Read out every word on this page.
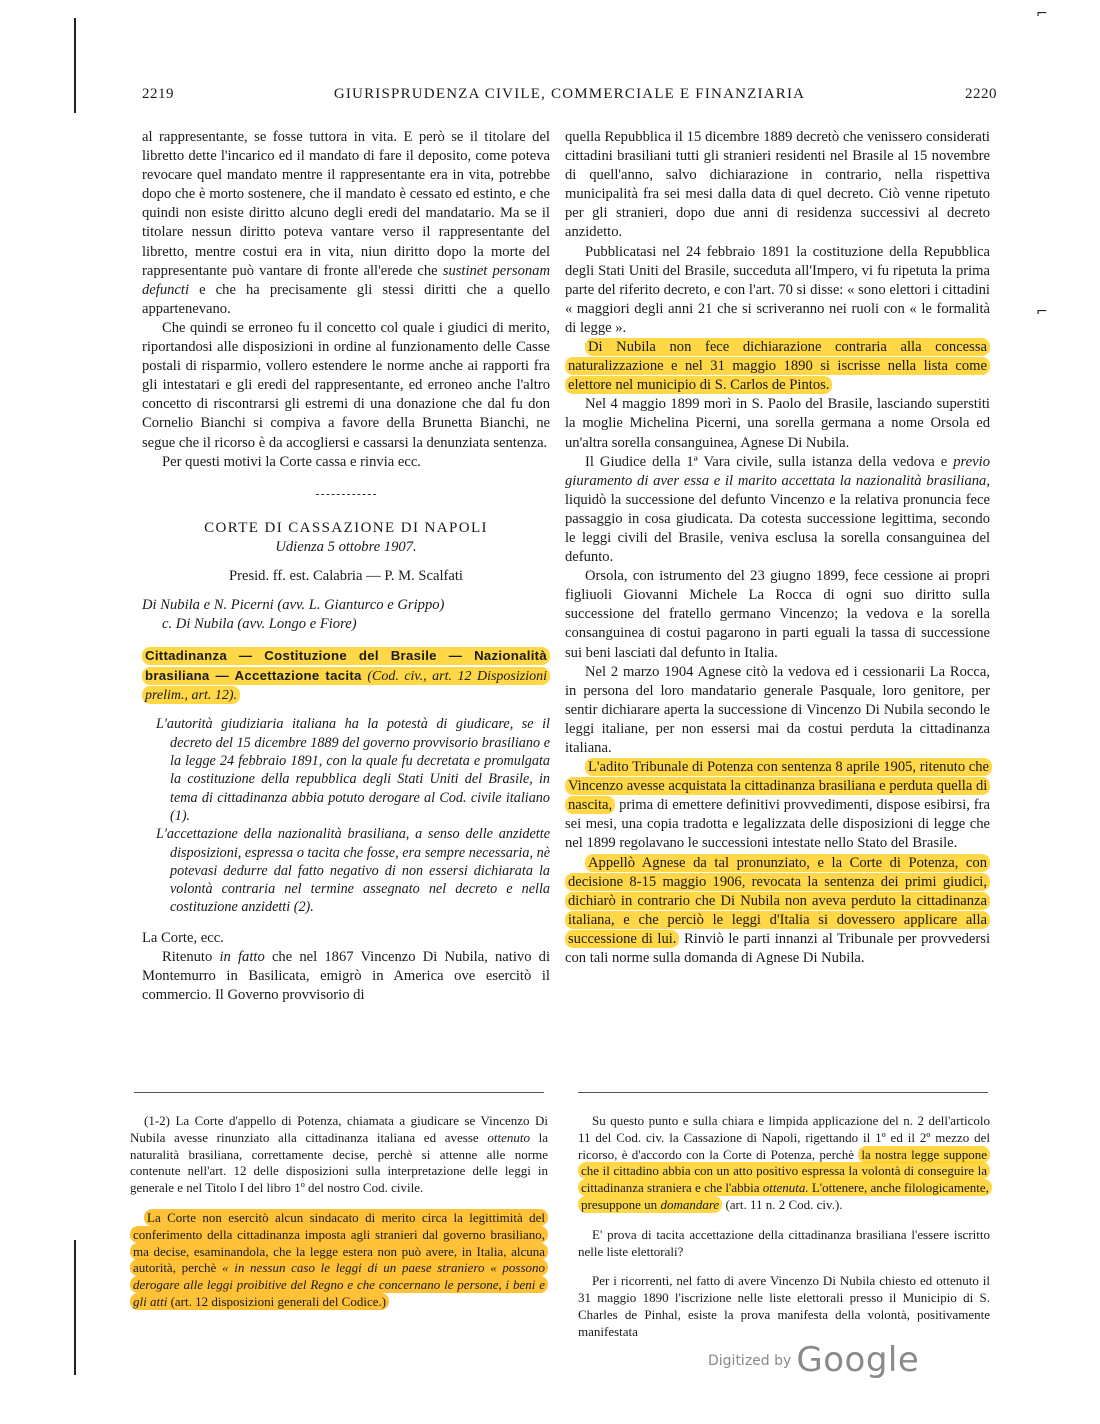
⌐
⌐
2219	GIURISPRUDENZA CIVILE, COMMERCIALE E FINANZIARIA	2220

al rappresentante, se fosse tuttora in vita. E però se il titolare del libretto dette l'incarico ed il mandato di fare il deposito, come poteva revocare quel mandato mentre il rappresentante era in vita, potrebbe dopo che è morto sostenere, che il mandato è cessato ed estinto, e che quindi non esiste diritto alcuno degli eredi del mandatario. Ma se il titolare nessun diritto poteva vantare verso il rappresentante del libretto, mentre costui era in vita, niun diritto dopo la morte del rappresentante può vantare di fronte all'erede che sustinet personam defuncti e che ha precisamente gli stessi diritti che a quello appartenevano.

Che quindi se erroneo fu il concetto col quale i giudici di merito, riportandosi alle disposizioni in ordine al funzionamento delle Casse postali di risparmio, vollero estendere le norme anche ai rapporti fra gli intestatari e gli eredi del rappresentante, ed erroneo anche l'altro concetto di riscontrarsi gli estremi di una donazione che dal fu don Cornelio Bianchi si compiva a favore della Brunetta Bianchi, ne segue che il ricorso è da accogliersi e cassarsi la denunziata sentenza.

Per questi motivi la Corte cassa e rinvia ecc.

CORTE DI CASSAZIONE DI NAPOLI

Udienza 5 ottobre 1907.

Presid. ff. est. Calabria — P. M. Scalfati

Di Nubila e N. Picerni (avv. L. Gianturco e Grippo)

c. Di Nubila (avv. Longo e Fiore)

Cittadinanza — Costituzione del Brasile — Nazionalità brasiliana — Accettazione tacita (Cod. civ., art. 12 Disposizioni prelim., art. 12).

L'autorità giudiziaria italiana ha la potestà di giudicare, se il decreto del 15 dicembre 1889 del governo provvisorio brasiliano e la legge 24 febbraio 1891, con la quale fu decretata e promulgata la costituzione della repubblica degli Stati Uniti del Brasile, in tema di cittadinanza abbia potuto derogare al Cod. civile italiano (1).

L'accettazione della nazionalità brasiliana, a senso delle anzidette disposizioni, espressa o tacita che fosse, era sempre necessaria, nè potevasi dedurre dal fatto negativo di non essersi dichiarata la volontà contraria nel termine assegnato nel decreto e nella costituzione anzidetti (2).

La Corte, ecc.

Ritenuto in fatto che nel 1867 Vincenzo Di Nubila, nativo di Montemurro in Basilicata, emigrò in America ove esercitò il commercio. Il Governo provvisorio di

quella Repubblica il 15 dicembre 1889 decretò che venissero considerati cittadini brasiliani tutti gli stranieri residenti nel Brasile al 15 novembre di quell'anno, salvo dichiarazione in contrario, nella rispettiva municipalità fra sei mesi dalla data di quel decreto. Ciò venne ripetuto per gli stranieri, dopo due anni di residenza successivi al decreto anzidetto.

Pubblicatasi nel 24 febbraio 1891 la costituzione della Repubblica degli Stati Uniti del Brasile, succeduta all'Impero, vi fu ripetuta la prima parte del riferito decreto, e con l'art. 70 si disse: « sono elettori i cittadini « maggiori degli anni 21 che si scriveranno nei ruoli con « le formalità di legge ».

Di Nubila non fece dichiarazione contraria alla concessa naturalizzazione e nel 31 maggio 1890 si iscrisse nella lista come elettore nel municipio di S. Carlos de Pintos.

Nel 4 maggio 1899 morì in S. Paolo del Brasile, lasciando superstiti la moglie Michelina Picerni, una sorella germana a nome Orsola ed un'altra sorella consanguinea, Agnese Di Nubila.

Il Giudice della 1ª Vara civile, sulla istanza della vedova e previo giuramento di aver essa e il marito accettata la nazionalità brasiliana, liquidò la successione del defunto Vincenzo e la relativa pronuncia fece passaggio in cosa giudicata. Da cotesta successione legittima, secondo le leggi civili del Brasile, veniva esclusa la sorella consanguinea del defunto.

Orsola, con istrumento del 23 giugno 1899, fece cessione ai propri figliuoli Giovanni Michele La Rocca di ogni suo diritto sulla successione del fratello germano Vincenzo; la vedova e la sorella consanguinea di costui pagarono in parti eguali la tassa di successione sui beni lasciati dal defunto in Italia.

Nel 2 marzo 1904 Agnese citò la vedova ed i cessionarii La Rocca, in persona del loro mandatario generale Pasquale, loro genitore, per sentir dichiarare aperta la successione di Vincenzo Di Nubila secondo le leggi italiane, per non essersi mai da costui perduta la cittadinanza italiana.

L'adito Tribunale di Potenza con sentenza 8 aprile 1905, ritenuto che Vincenzo avesse acquistata la cittadinanza brasiliana e perduta quella di nascita, prima di emettere definitivi provvedimenti, dispose esibirsi, fra sei mesi, una copia tradotta e legalizzata delle disposizioni di legge che nel 1899 regolavano le successioni intestate nello Stato del Brasile.

Appellò Agnese da tal pronunziato, e la Corte di Potenza, con decisione 8-15 maggio 1906, revocata la sentenza dei primi giudici, dichiarò in contrario che Di Nubila non aveva perduto la cittadinanza italiana, e che perciò le leggi d'Italia si dovessero applicare alla successione di lui. Rinviò le parti innanzi al Tribunale per provvedersi con tali norme sulla domanda di Agnese Di Nubila.

(1-2) La Corte d'appello di Potenza, chiamata a giudicare se Vincenzo Di Nubila avesse rinunziato alla cittadinanza italiana ed avesse ottenuto la naturalità brasiliana, correttamente decise, perchè si attenne alle norme contenute nell'art. 12 delle disposizioni sulla interpretazione delle leggi in generale e nel Titolo I del libro 1º del nostro Cod. civile.

La Corte non esercitò alcun sindacato di merito circa la legittimità del conferimento della cittadinanza imposta agli stranieri dal governo brasiliano, ma decise, esaminandola, che la legge estera non può avere, in Italia, alcuna autorità, perchè « in nessun caso le leggi di un paese straniero « possono derogare alle leggi proibitive del Regno e che concernano le persone, i beni e gli atti (art. 12 disposizioni generali del Codice.)

Su questo punto e sulla chiara e limpida applicazione del n. 2 dell'articolo 11 del Cod. civ. la Cassazione di Napoli, rigettando il 1º ed il 2º mezzo del ricorso, è d'accordo con la Corte di Potenza, perchè la nostra legge suppone che il cittadino abbia con un atto positivo espressa la volontà di conseguire la cittadinanza straniera e che l'abbia ottenuta. L'ottenere, anche filologicamente, presuppone un domandare (art. 11 n. 2 Cod. civ.).

E' prova di tacita accettazione della cittadinanza brasiliana l'essere iscritto nelle liste elettorali?

Per i ricorrenti, nel fatto di avere Vincenzo Di Nubila chiesto ed ottenuto il 31 maggio 1890 l'iscrizione nelle liste elettorali presso il Municipio di S. Charles de Pinhal, esiste la prova manifesta della volontà, positivamente manifestata

Digitized by Google
